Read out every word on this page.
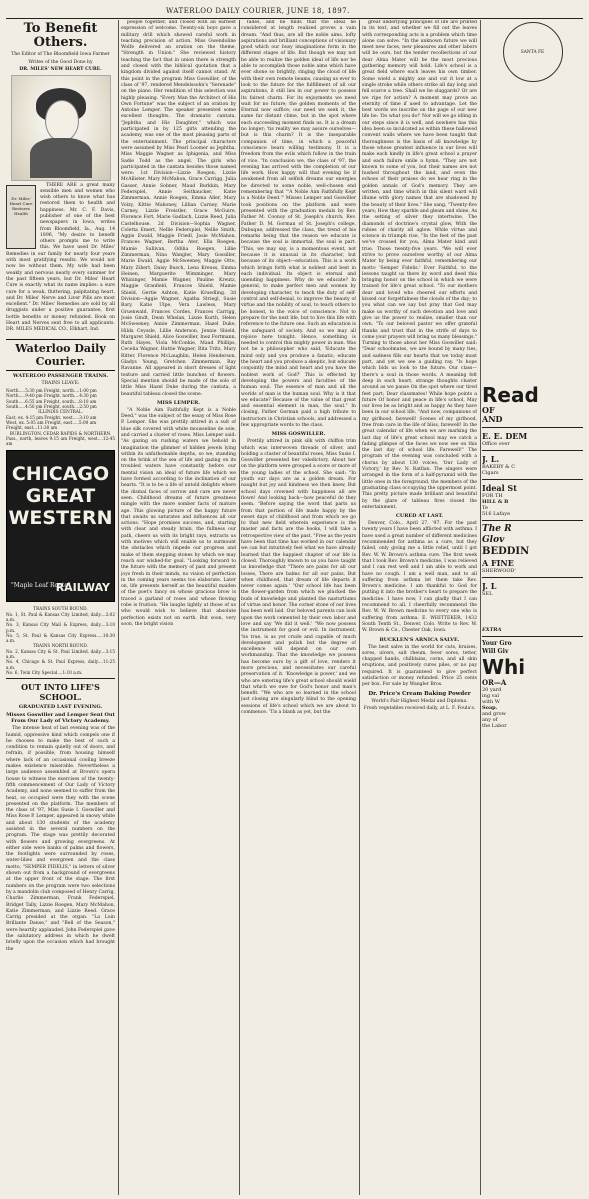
WATERLOO DAILY COURIER, JUNE 18, 1897.
To Benefit Others.
The Editor of The Bloomfield Iowa Farmer
Writes of the Good Done by
DR. MILES' NEW HEART CURE.
Dr. Miles' Heart Cure Restores Health

THERE ARE a great many sensible men and women who wish others to know what has restored them to health and happiness. Mr. C. F. Davis, publisher of one of the best newspapers in Iowa, writes from Bloomfield, Ia., Aug. 14 1896, "My desire to benefit others prompts me to write this. We have used Dr. Miles' Remedies in our family for nearly four years with most gratifying results. We would not now be without them. My wife had been weakly and nervous nearly every summer for the past fifteen years, but Dr. Miles' Heart Cure is exactly what its name implies: a sure cure for a weak, fluttering, palpitating heart, and Dr. Miles' Nerve and Liver Pills are most excellent." Dr. Miles' Remedies are sold by all druggists under a positive guarantee, first bottle benefits or money refunded. Book on Heart and Nerves sent free to all applicants. DR. MILES MEDICAL CO., Elkhart, Ind.

Waterloo Daily Courier.
WATERLOO PASSENGER TRAINS.
TRAINS LEAVE:
North.....5:30 pm Freight, north....1:00 pm
North.....9:40 pm Freight, north....4:30 pm
South.....6:55 am Freight, south....8:10 am
South.....4:50 pm Freight, south....2:50 pm
ILLINOIS CENTRAL.
East, ex. 4:15 pm Freight, west.....3:10 am
West, ex. 5:05 am Freight, east.....5:00 am
Freight, east...11:30 am
BURLINGTON, CEDAR RAPIDS & NORTHERN.
Pass., north, leaves 9:15 am Freight, west....12:45 am
CHICAGO GREAT WESTERN
"Maple Leaf Route"
RAILWAY
TRAINS SOUTH BOUND.
No. 1, St. Paul & Kansas City Limited, daily....2:02 a.m.
No. 3, Kansas City Mail & Express, daily....3:10 p.m.
No. 5, St. Paul & Kansas City Express.....10:30 a.m.
TRAINS NORTH BOUND.
No. 2, Kansas City & St. Paul Limited, daily....3:15 a.m.
No. 4, Chicago & St. Paul Express, daily....11:25 a.m.
No. 6, Twin City Special....1:10 a.m.
OUT INTO LIFE'S SCHOOL.
GRADUATED LAST EVENING.
Misses Goswiller and Lemper Sent Out From Our Lady of Victory Academy.

The intense heat of last evening was of the humid, oppressive kind which compels one if he chooses to make the best of such a condition to remain quietly out of doors, and refrain, if possible, from housing himself where lack of an occasional cooling breeze makes existence miserable. Nevertheless a large audience assembled at Brown's opera house to witness the exercises of the twenty-fifth commencement of Our Lady of Victory Academy, and none seemed to suffer from the heat, so occupied were they with the scene presented on the platform. The members of the class of '97, Miss Susie I. Goswiller and Miss Rose P. Lemper, appeared in snowy white and about 130 students of the academy assisted in the several numbers on the program. The stage was prettily decorated with flowers and growing evergreens. At either side were banks of palms and flowers, the footlights were surrounded by roses, water-lilies and evergreen and the class motto, "SEMPER FIDELIS," in letters of silver shown out from a background of evergreens at the upper front of the stage. The first numbers on the program were two selections by a mandolin club composed of Henry Carrig, Charlie Zimmerman, Frank Federspiel, Bridget Tally, Lizzie Roegen, Mary McMahon, Katie Zimmerman, and Lizzie Reed. Grace Carrig presided at the organ. "La Loin Brillante Danse," and "Bell of the Season," were heartily applauded. John Federspiel gave the salutatory address in which he dwelt briefly upon the occasion which had brought the

people together, and closed with an earnest expression of welcome. Twenty-six boys gave a military drill which showed careful work in teaching precision of action. Miss Gwendoline Wolfe delivered an oration on the theme, "Strength in Union." She reviewed history teaching the fact that in union there is strength and closed with the biblical quotation that a kingdom divided against itself cannot stand. At this point in the program Miss Goswiller, of the class of '97, rendered Mendelssohn's "Serenade" on the piano. Her rendition of this selection was highly pleasing. "Every Man the Architect of His Own Fortune" was the subject of an oration by Antoine Lemper. The speaker presented some excellent thoughts. The dramatic cantata, "Jephtha and His Daughter," which was participated in by 125 girls attending the academy, was one of the most pleasing parts of the entertainment. The principal characters were assumed by Miss Pearl Loomer as Jephtha, Miss Maggie Wagner as Iphigenia, and Miss Sadie Todd as the angel. The girls who participated in the cantata besides those named were: 1st Division—Lizzie Roegen, Lizzie McAllister, Mary McMahon, Grace Carrigg, Julia Gasser, Annie Sobner, Maud Burkkin, Mary Federspiel, Annie Seithaucker, Katie Zimmerman, Annie Roegen, Emma Aller, Mary Volzy, Kittie Mahoney, Lillian Carney, Marie Carney, Lizzie Freistler, Grace McGuire, Florence Fort, Marie Gadlach, Lizzie Reed, Julia Castelhouse. 2d Division—Sophia Wagner, Coletta Emert, Nellie Federspiel, Nellie Smith, Aggie Ewald, Maggie Friedl, Josie McMahon, Frances Wagner, Bertha Ater, Ella Roegen, Mamie Sullivan, Odilia Roegen, Lillie Zimmerman, Nina Wangler, Mary Gossiller, Marie Ewald, Aggie McSweeney, Maggie Otto, Mary Zibert, Daisy Busch, Lena Kreuss, Emma Heinen, Marguerite Wimminger, Mary Whininger, Mamie Wagner, Pauline Kreutz, Maggie Granfield, Frances Shield, Mamie Shield, Gertie Ashton, Katie Kruedling. 3d Division—Aggie Wagner, Agatha Striegl, Susie Bary, Katie Ulpe, Vera Lawless, Mary Gruenwald, Frances Cordes, Frances Carrigg, Josie Gindt, Dean Whelan, Lizzie Kurth, Helen McSweeney, Annie Zimmerman, Hazel Duke, Hilda Ceyssle, Lillie Anderson, Jennie Shield, Margaret Shield, Alice Goswiller, Inez Fortmann, Ruth Hayes, Viola McConkie, Maud Phillips, Cecelia Wagner, Hattie Wagner, Rita Tritz, Mary Ritter, Florence McLaughlin, Helen Henderson, Gladys Young, Gretchen Zimmerman, Ray Ravanne. All appeared in short dresses of light texture and carried little bunches of flowers. Special mention should be made of the solo of little Miss Hazel Duke during the cantata, a beautiful tableau closed the scene.

MISS LEMPER.

"A Noble Aim Faithfully Kept is a Noble Deed," was the subject of the essay of Miss Rose P. Lemper. She was prettily attired in a suit of blue silk covered with white mousseline de soie, and carried a cluster of roses. Miss Lemper said: "As gazing on rushing waters we behold in imagination the glimmer of hidden jewels lying within its unfathomable depths, so we, standing on the brink of the sea of life and gazing on its troubled waters have constantly before our mental vision an ideal of future life which we have formed according to the inclination of our hearts. "It is to be a life of untold delights where the dismal faces of sorrow and care are never seen. Childhood dreams of future greatness mingle with the more somber facts of mature age. This glowing picture of the happy future that awaits us saturates and influences all our actions. "Hope promises success, and, starting with clear and steady brain, the fullness our path, cheers us with its bright rays, extracts us with motives which will enable us to surmount the obstacles which impede our progress and make of them stepping stones by which we may reach our wished-for goal. "Looking forward to the future with the memory of past and present joys fresh in their minds, no vision of perfection in the coming years seems too elaborate. Later on, life presents herself as the beautiful maiden of the poet's fancy on whose gracious brow is traced a garland of roses and whose flowing robe is fruition. "He laughs lightly at those of us who would wish to believe that absolute perfection exists not on earth. But soon, very soon, the bright vision

fades, and he finds that the ideal he considered at length realized proves a vain dream. "And thus, are all the noble aims, lofty aspirations and brilliant conceptions of visionary good which our busy imaginations form in the different stages of life. But though we may not be able to realize the golden ideal of life nor be able to accomplish those noble aims which have ever shone so brightly, ringing the cloud of life with their own remote beams, causing us ever to look to the future for the fulfillment of all our aspirations, it still lies in our power to possess its fairest charm. For its enjoyments we need wait for no future; the golden moments of the Eternal now suffice; our need we seek it, the same far distant clime, but in the spot where each succeeding moment finds us. It is a dream no longer; 'tis reality we may assure ourselves—but is this charm? It is the inseparable companion of time, in which a peaceful conscience bears willing testimony. It is a freedom from the evils which follow in the train of vice. "In conclusion we, the class of '97, the evening has arrived with the completion of our life work. How happy will that evening be if awakened from all selfish dreams our energies be directed to some noble, well-chosen end remembering that "'A Noble Aim Faithfully Kept is a Noble Deed.'" Misses Lemper and Goswiller took positions on the platform and were presented with the graduation medals by Rev. Father M. Coonoy of St. Joseph's church. Rev. Father D. M. Gorman of St. Joseph's college, Dubuque, addressed the class, the trend of his remarks being that the reason we educate is because the soul is immortal, the soul is part. "This, we may say, is a momentous event, not because it is unusual in its character, but because of its object—education. This is a work which brings forth what is noblest and best in each individual. Its object is eternal and unending happiness. Why do we educate? In general, to make perfect men and women by developing character, to teach the duty of self-control and self-denial, to improve the beauty of virtue and the nobility of soul, to teach others to be honest, to the voice of conscience. Not to prepare for the next life, but to live this life with reference to the future one. Such an education is the safeguard of society. And so we may all rejoice here tonight. Hence, something is needed to control this mighty power in man. Was not he a philosopher who said, 'Educate the mind only and you produce a fanatic; educate the heart and you produce a skeptic, but educate conjointly the mind and heart and you have the noblest work of God?' This is effected by developing the powers and faculties of the human soul. The essence of man and all the worlds of man is the human soul. Why is it that we educate? Because of the value of that great and essential element in man, the soul." In closing, Father Gorman paid a high tribute to instructors in Christian schools, and addressed a few appropriate words to the class.

MISS GOSWILLER.

Prettily attired in pink silk with chiffon trim which was interwoven threads of silver, and holding a cluster of beautiful roses, Miss Susie I. Goswiller presented her valedictory. About her on the platform were grouped a score or more of the young ladies of the school. She said: "In youth our days are as a golden dream. For naught but joy and kindness we then knew, But school days crowned with happiness all are flown! And looking back—how peaceful do they seem. "Before saying the word that parts us from that portion of life made happy by the sweet days of childhood and from which we go to that new field wherein experience is the master and facts are the books, I will take a retrospective view of the past. "Free as the years have been that time has worked in our calendar we can but intuitively feel what we have already learned that the happiest chapter of our life is closed. Thoroughly known to us you have taught us knowledge that "There are pains for all our losses, There are balms for all our pains, But when childhood, that dream of life departs it never comes again.' "Our school life has been the flower-garden from which we plucked the buds of knowledge and planted the nasturtiums of virtue and honor. The corner stone of our lives has been well laid. Our beloved parents can look upon the work cemented by their own labor and love and say 'We did it well.' "We now possess the instrument for good or evil. In instrument, 'tis true, is as yet crude and capable of much development and polish but the degree of excellence will depend on our own workmanship. That the knowledge we possess has become ours by a gift of love, renders it more precious, and necessitates our careful preservation of it. 'Knowledge is power,' and we who are entering life's great school should wield that which we owe for God's honor and man's benefit. "We who are so learned in the school just closing are singularly blind to the opening sessions of life's school which we are about to commence. 'Tis a blank as yet, but the

great underlying principles of life are printed in its text, and whether we fill out the leaves with corresponding acts is a problem which time alone can solve. "In the unknown future we will meet new faces, new pleasures and other labors will be ours, but the tender recollections of our dear Alma Mater will be the most precious gathering memory will hold. Life's school is a great field where each leaves his own timber. Some wield a mighty axe and cut it low at a single stroke while others strike all day long and fell scarce a tree. Shall we be sluggards? Or are we ripe for action? A moment may prove an eternity of time if used to advantage. Let the best words we inscribe on the page of our new life be: 'Do what you do!' Nor will we go idling in our steps since it is well, and nowhere has this idea been so inculcated as within these hallowed convent walls where we have been taught that thoroughness is the basis of all knowledge by those whose greatest influence in our lives will make each kindly in life's great school a prayer and each failure smile a hymn. "They are not known to some of you, but their names are not hushed throughout the land, and even the echoes of their praises do we hear ring in the golden annals of God's memory. They are written, and time which in this silent ward will illume with glory names that are shadowed by the beauty of their lives." She sang, "Twenty-five years; How they sparkle and gleam and shine, As the setting of silver they intertwine, The diamonds of doctrine's crystal glow, With the rubies of charity all aglow. While virtue and science in triumph rise, "In the feet of the past we've crossed for you, Alma Mater kind and true. Those twenty-five years. "We will ever strive to prove ourselves worthy of our Alma Mater by being ever faithful, remembering our motto 'Semper Fidelis.' Ever Faithful, to the lessons taught us there by word and deed this bringing honor on the school in which we were trained for life's great school. "To our mothers dear and loved who cheered our efforts and kissed our forgetfulness the clouds of the day; to you what can we say but pray that God may make us worthy of such devotion and love and give us the power to realize, smaller than our own. "To our beloved pastor we offer grateful thanks and trust that in the strife of days to come your prayers will bring us many blessings." Turning to those about her Miss Goswiller said: "Dear schoolmates, we are bound by many ties, and sadness fills our hearts that we today must part, and yet we see a guiding ray. "Is hope which bids us look to the future. Our class—there's a soul in those words. A meaning felt deep in each heart, strange thoughts cluster around as we pause On the spot where our tired feet part; Dear classmates! While hope points a future Of honor and peace in life's school, May our lives be as bright and as happy As they have been in our school life. "And now, companions of my girlhood, farewell! Scenes of my girlhood, free from care in the life of bliss, farewell! In the great calendar of life when we are marking the last day of life's great school may we catch a fading glimpse of the faces we now see on this the last day of school life. Farewell!" The program of the evening was concluded with a chorus by about 130 voices, 'Our Lady of Victory,' by Rev. N. Ratllan. The singers were arranged in the form of a half-pyramid with the little ones in the foreground, the members of the graduating class occupying the uppermost point. This pretty picture made brilliant and beautiful by the glare of tableau fires closed the entertainment.

CURED AT LAST.

Denver, Colo., April 27, '97. For the past twenty years I have been afflicted with asthma. I have used a great number of different medicines recommended for asthma as a cure, but they failed, only giving me a little relief, until I got Rev. W. W. Brown's asthma cure. The first week that I took Rev. Brown's medicine, I was relieved and I can rest well and I am able to work and have no cough. I am a well man, and to all suffering from asthma let them take Rev. Brown's medicine. I am thankful to God for putting it into the brother's heart to prepare the medicine. I have now, I can gladly that I can recommend to all. I cheerfully recommend the Rev. W. W. Brown medicine to every one who is suffering from asthma. E. WHITTEKER, 1432 South Tenth St., Denver, Colo. Write to Rev. W. W. Brown & Co., Chester Oak, Iowa.

BUCKLEN'S ARNICA SALVE.

The best salve in the world for cuts, bruises, sores, ulcers, salt rheum, fever sores, tetter, chapped hands, chilblains, corns, and all skin eruptions, and positively cures piles, or no pay required. It is guaranteed to give perfect satisfaction or money refunded. Price 25 cents per box. For sale by Wangler Bros.

Dr. Price's Cream Baking Powder
World's Fair Highest Medal and Diploma.
Fresh vegetables received daily, at L. F. Foula's.
SANTA FE
Read
OF
AND
E. E. DEM
Office over
J. L.
BAKERY & C
Cigars
Ideal St
FOR TH
HILL & B
Te
516 Lafaye
The R
Glov
BEDDIN
A FINE
SHERWOOD'
J. L
SEL
EXTRA
Your Gro
Will Giv
Whi
OR—A
20 yard
ing val
with W
Soap.
and grow
any of
the Labor
